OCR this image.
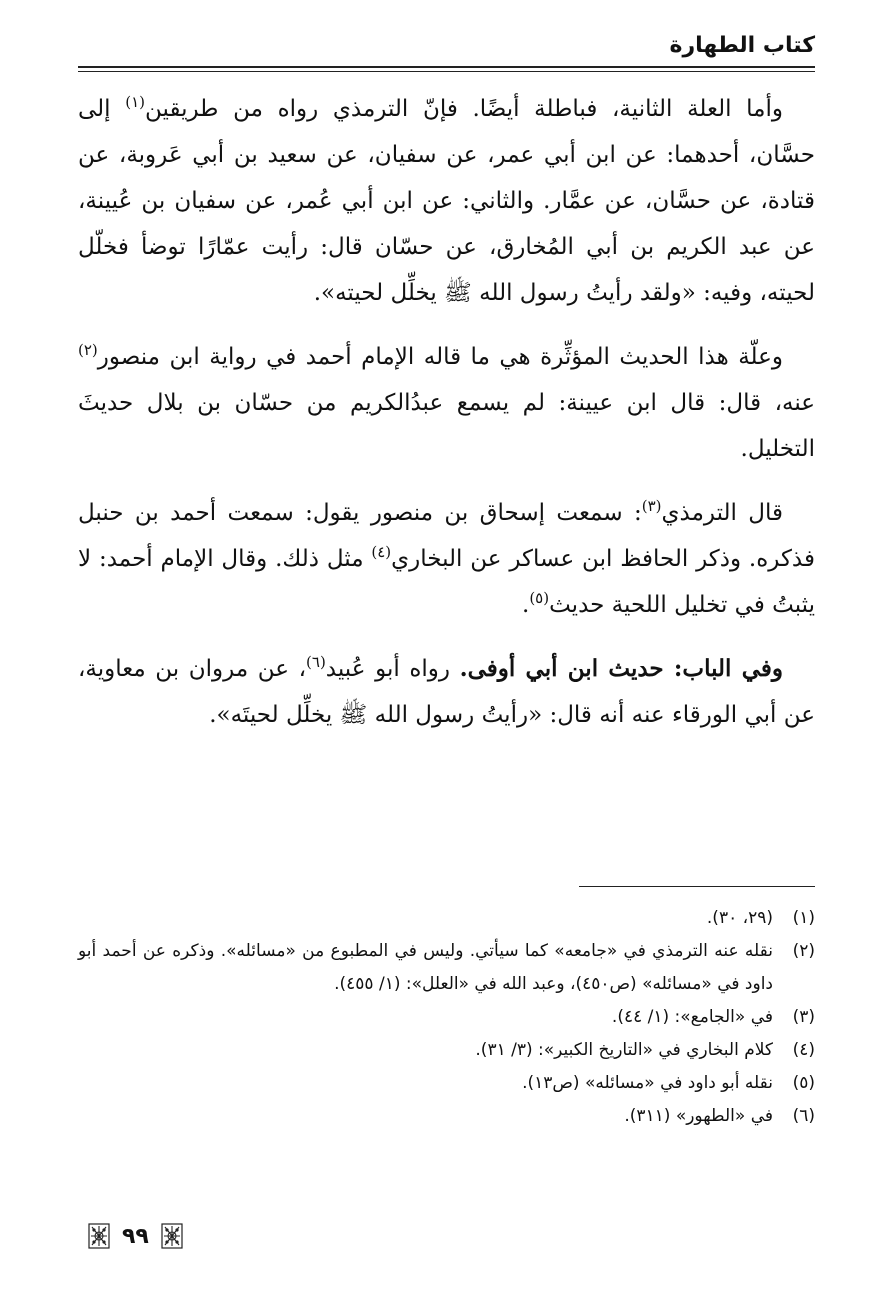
كتاب الطهارة

وأما العلة الثانية، فباطلة أيضًا. فإنّ الترمذي رواه من طريقين$^{(١)}$ إلى حسَّان، أحدهما: عن ابن أبي عمر، عن سفيان، عن سعيد بن أبي عَروبة، عن قتادة، عن حسَّان، عن عمَّار. والثاني: عن ابن أبي عُمر، عن سفيان بن عُيينة، عن عبد الكريم بن أبي المُخارق، عن حسّان قال: رأيت عمّارًا توضأ فخلّل لحيته، وفيه: «ولقد رأيتُ رسول الله ﷺ يخلِّل لحيته».

وعلّة هذا الحديث المؤثِّرة هي ما قاله الإمام أحمد في رواية ابن منصور$^{(٢)}$ عنه، قال: قال ابن عيينة: لم يسمع عبدُالكريم من حسّان بن بلال حديثَ التخليل.

قال الترمذي$^{(٣)}$: سمعت إسحاق بن منصور يقول: سمعت أحمد بن حنبل فذكره. وذكر الحافظ ابن عساكر عن البخاري$^{(٤)}$ مثل ذلك. وقال الإمام أحمد: لا يثبتُ في تخليل اللحية حديث$^{(٥)}$.

وفي الباب: حديث ابن أبي أوفى. رواه أبو عُبيد$^{(٦)}$، عن مروان بن معاوية، عن أبي الورقاء عنه أنه قال: «رأيتُ رسول الله ﷺ يخلِّل لحيتَه».

(١)
(٢٩، ٣٠).
(٢)
نقله عنه الترمذي في «جامعه» كما سيأتي. وليس في المطبوع من «مسائله». وذكره عن أحمد أبو داود في «مسائله» (ص٤٥٠)، وعبد الله في «العلل»: (١/ ٤٥٥).
(٣)
في «الجامع»: (١/ ٤٤).
(٤)
كلام البخاري في «التاريخ الكبير»: (٣/ ٣١).
(٥)
نقله أبو داود في «مسائله» (ص١٣).
(٦)
في «الطهور» (٣١١).
٩٩
